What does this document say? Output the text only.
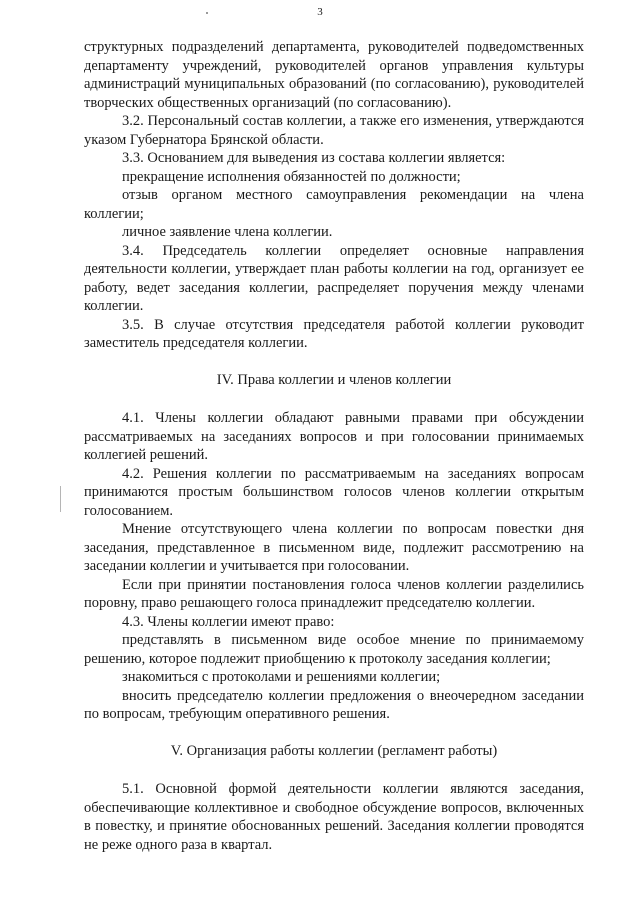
3

структурных подразделений департамента, руководителей подведомственных департаменту учреждений, руководителей органов управления культуры администраций муниципальных образований (по согласованию), руководителей творческих общественных организаций (по согласованию).

3.2. Персональный состав коллегии, а также его изменения, утверждаются указом Губернатора Брянской области.

3.3. Основанием для выведения из состава коллегии является:

прекращение исполнения обязанностей по должности;

отзыв органом местного самоуправления рекомендации на члена коллегии;

личное заявление члена коллегии.

3.4. Председатель коллегии определяет основные направления деятельности коллегии, утверждает план работы коллегии на год, организует ее работу, ведет заседания коллегии, распределяет поручения между членами коллегии.

3.5. В случае отсутствия председателя работой коллегии руководит заместитель председателя коллегии.

IV. Права коллегии и членов коллегии

4.1. Члены коллегии обладают равными правами при обсуждении рассматриваемых на заседаниях вопросов и при голосовании принимаемых коллегией решений.

4.2. Решения коллегии по рассматриваемым на заседаниях вопросам принимаются простым большинством голосов членов коллегии открытым голосованием.

Мнение отсутствующего члена коллегии по вопросам повестки дня заседания, представленное в письменном виде, подлежит рассмотрению на заседании коллегии и учитывается при голосовании.

Если при принятии постановления голоса членов коллегии разделились поровну, право решающего голоса принадлежит председателю коллегии.

4.3. Члены коллегии имеют право:

представлять в письменном виде особое мнение по принимаемому решению, которое подлежит приобщению к протоколу заседания коллегии;

знакомиться с протоколами и решениями коллегии;

вносить председателю коллегии предложения о внеочередном заседании по вопросам, требующим оперативного решения.

V. Организация работы коллегии (регламент работы)

5.1. Основной формой деятельности коллегии являются заседания, обеспечивающие коллективное и свободное обсуждение вопросов, включенных в повестку, и принятие обоснованных решений. Заседания коллегии проводятся не реже одного раза в квартал.
